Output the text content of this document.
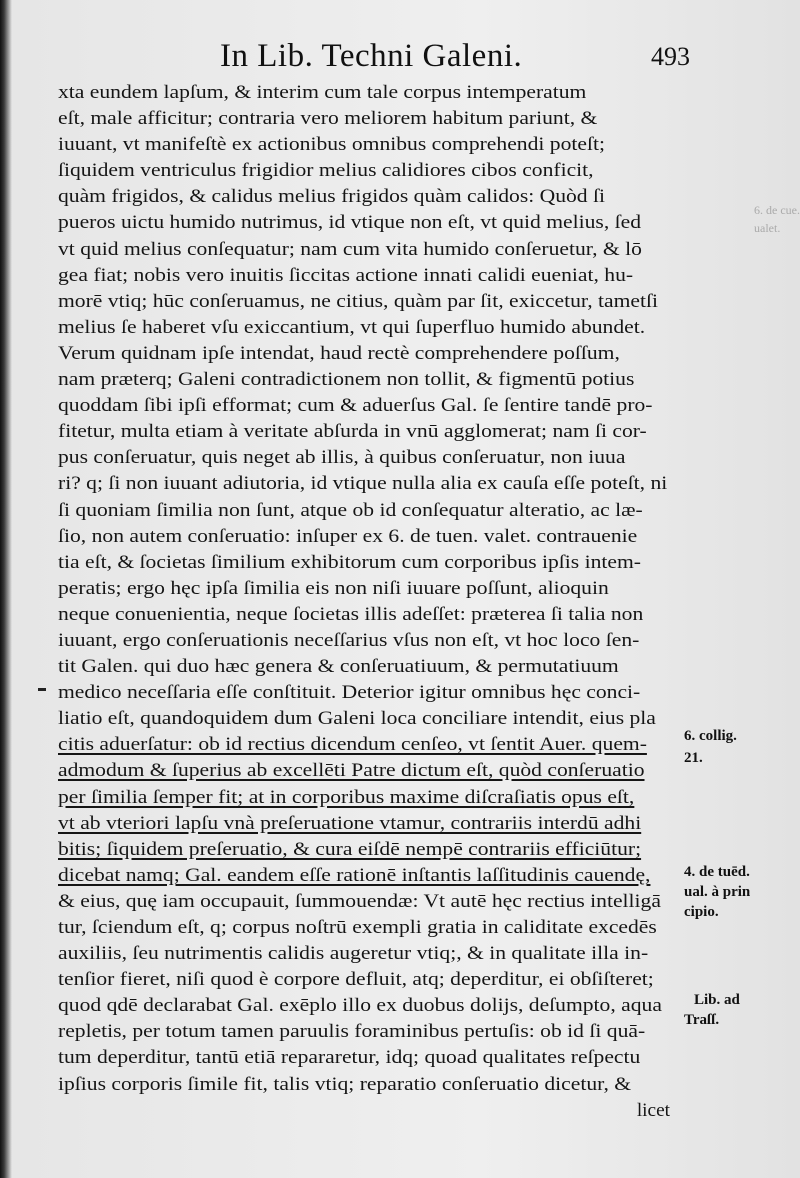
In Lib. Techni Galeni.	493
xta eundem lapſum, & interim cum tale corpus intemperatum
eſt, male afficitur; contraria vero meliorem habitum pariunt, &
iuuant, vt manifeſtè ex actionibus omnibus comprehendi poteſt;
ſiquidem ventriculus frigidior melius calidiores cibos conficit,
quàm frigidos, & calidus melius frigidos quàm calidos: Quòd ſi
pueros uictu humido nutrimus, id vtique non eſt, vt quid melius, ſed
vt quid melius conſequatur; nam cum vita humido conſeruetur, & lō
gea fiat; nobis vero inuitis ſiccitas actione innati calidi eueniat, hu-
morē vtiq; hūc conſeruamus, ne citius, quàm par ſit, exiccetur, tametſi
melius ſe haberet vſu exiccantium, vt qui ſuperfluo humido abundet.
Verum quidnam ipſe intendat, haud rectè comprehendere poſſum,
nam præterq; Galeni contradictionem non tollit, & figmentū potius
quoddam ſibi ipſi efformat; cum & aduerſus Gal. ſe ſentire tandē pro-
fitetur, multa etiam à veritate abſurda in vnū agglomerat; nam ſi cor-
pus conſeruatur, quis neget ab illis, à quibus conſeruatur, non iuua
ri? q; ſi non iuuant adiutoria, id vtique nulla alia ex cauſa eſſe poteſt, ni
ſi quoniam ſimilia non ſunt, atque ob id conſequatur alteratio, ac læ-
ſio, non autem conſeruatio: inſuper ex 6. de tuen. valet. contrauenie
tia eſt, & ſocietas ſimilium exhibitorum cum corporibus ipſis intem-
peratis; ergo hęc ipſa ſimilia eis non niſi iuuare poſſunt, alioquin
neque conuenientia, neque ſocietas illis adeſſet: præterea ſi talia non
iuuant, ergo conſeruationis neceſſarius vſus non eſt, vt hoc loco ſen-
tit Galen. qui duo hæc genera & conſeruatiuum, & permutatiuum
medico neceſſaria eſſe conſtituit. Deterior igitur omnibus hęc conci-
liatio eſt, quandoquidem dum Galeni loca conciliare intendit, eius pla
citis aduerſatur: ob id rectius dicendum cenſeo, vt ſentit Auer. quem-
admodum & ſuperius ab excellēti Patre dictum eſt, quòd conſeruatio
per ſimilia ſemper fit; at in corporibus maxime diſcraſiatis opus eſt,
vt ab vteriori lapſu vnà preſeruatione vtamur, contrariis interdū adhi
bitis; ſiquidem preſeruatio, & cura eiſdē nempē contrariis efficiūtur;
dicebat namq; Gal. eandem eſſe rationē inſtantis laſſitudinis cauendę,
& eius, quę iam occupauit, ſummouendæ: Vt autē hęc rectius intelligā
tur, ſciendum eſt, q; corpus noſtrū exempli gratia in caliditate excedēs
auxiliis, ſeu nutrimentis calidis augeretur vtiq;, & in qualitate illa in-
tenſior fieret, niſi quod è corpore defluit, atq; deperditur, ei obſiſteret;
quod qdē declarabat Gal. exēplo illo ex duobus dolijs, deſumpto, aqua
repletis, per totum tamen paruulis foraminibus pertuſis: ob id ſi quā-
tum deperditur, tantū etiā repararetur, idq; quoad qualitates reſpectu
ipſius corporis ſimile fit, talis vtiq; reparatio conſeruatio dicetur, &
licet
6. de cue.
ualet.
6. collig.
21.
4. de tuēd.
ual. à prin
cipio.
Lib. ad
Traſſ.
